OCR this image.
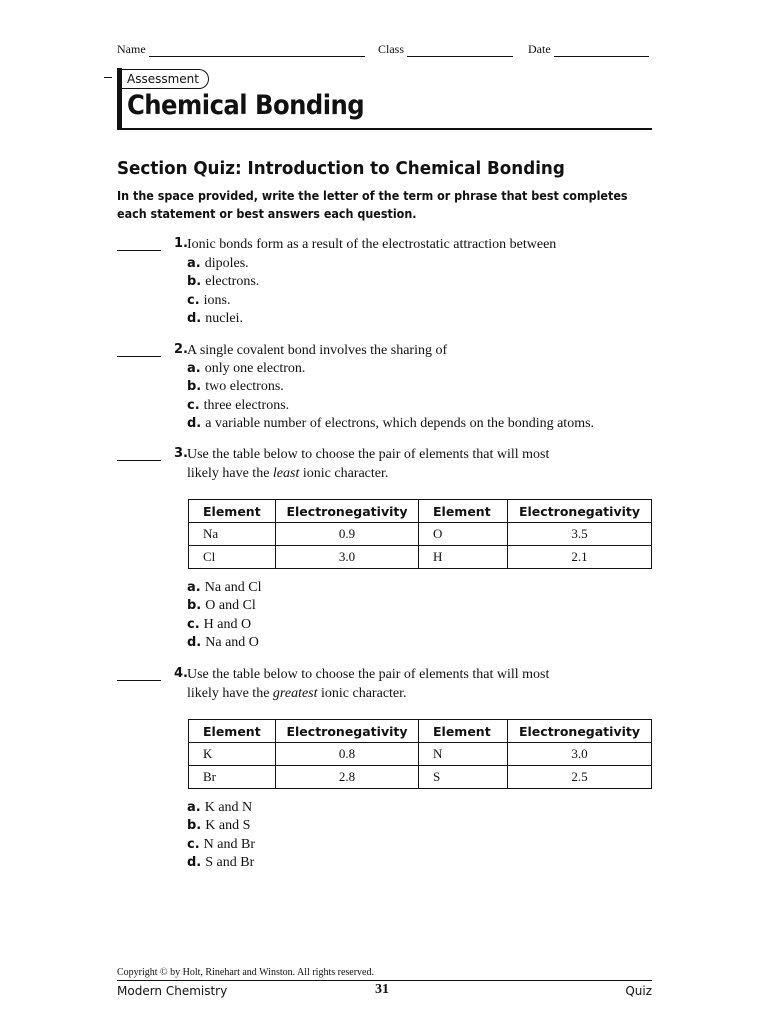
Name	Class	Date
Assessment
Chemical Bonding
Section Quiz: Introduction to Chemical Bonding
In the space provided, write the letter of the term or phrase that best completes
each statement or best answers each question.
1. Ionic bonds form as a result of the electrostatic attraction between
a. dipoles.
b. electrons.
c. ions.
d. nuclei.
2. A single covalent bond involves the sharing of
a. only one electron.
b. two electrons.
c. three electrons.
d. a variable number of electrons, which depends on the bonding atoms.
3. Use the table below to choose the pair of elements that will most
likely have the least ionic character.
Element	Electronegativity	Element	Electronegativity
Na	0.9	O	3.5
Cl	3.0	H	2.1
a. Na and Cl
b. O and Cl
c. H and O
d. Na and O
4. Use the table below to choose the pair of elements that will most
likely have the greatest ionic character.
Element	Electronegativity	Element	Electronegativity
K	0.8	N	3.0
Br	2.8	S	2.5
a. K and N
b. K and S
c. N and Br
d. S and Br
Copyright © by Holt, Rinehart and Winston. All rights reserved.
Modern Chemistry	31	Quiz
